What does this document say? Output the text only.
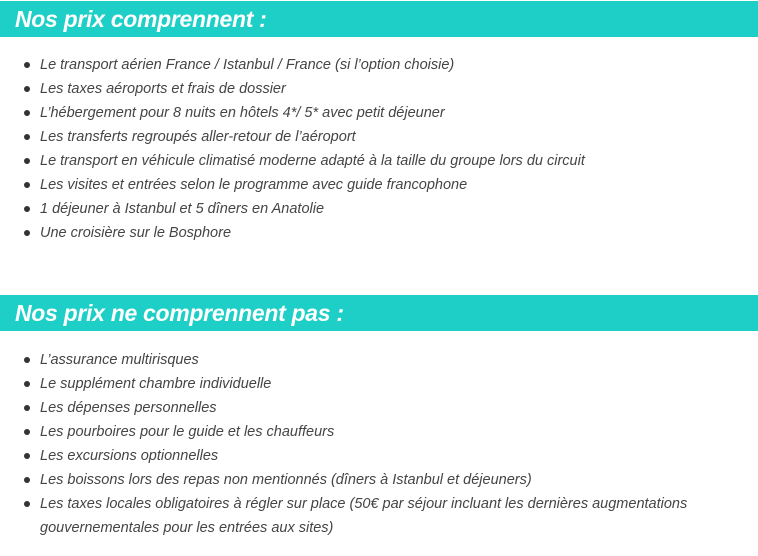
Nos prix comprennent :
Le transport aérien France / Istanbul / France (si l’option choisie)
Les taxes aéroports et frais de dossier
L’hébergement pour 8 nuits en hôtels 4*/ 5* avec petit déjeuner
Les transferts regroupés aller-retour de l’aéroport
Le transport en véhicule climatisé moderne adapté à la taille du groupe lors du circuit
Les visites et entrées selon le programme avec guide francophone
1 déjeuner à Istanbul et 5 dîners en Anatolie
Une croisière sur le Bosphore
Nos prix ne comprennent pas :
L’assurance multirisques
Le supplément chambre individuelle
Les dépenses personnelles
Les pourboires pour le guide et les chauffeurs
Les excursions optionnelles
Les boissons lors des repas non mentionnés (dîners à Istanbul et déjeuners)
Les taxes locales obligatoires à régler sur place (50€ par séjour incluant les dernières augmentations gouvernementales pour les entrées aux sites)
